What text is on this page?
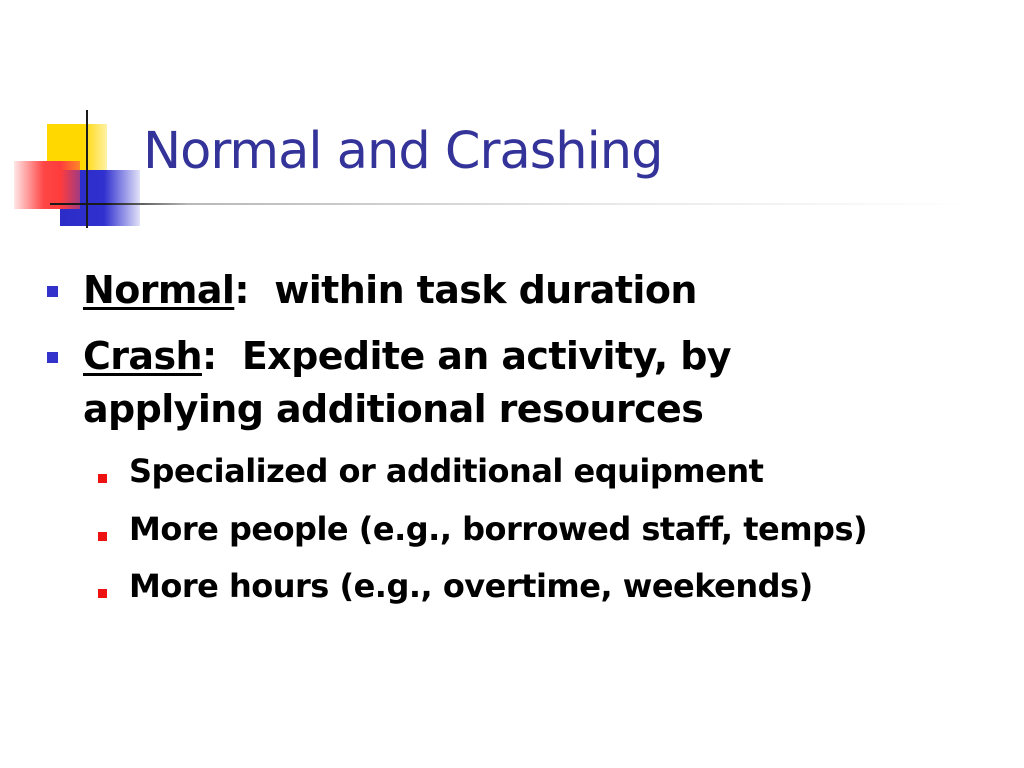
Normal and Crashing
Normal: within task duration
Crash: Expedite an activity, by
applying additional resources
Specialized or additional equipment
More people (e.g., borrowed staff, temps)
More hours (e.g., overtime, weekends)
